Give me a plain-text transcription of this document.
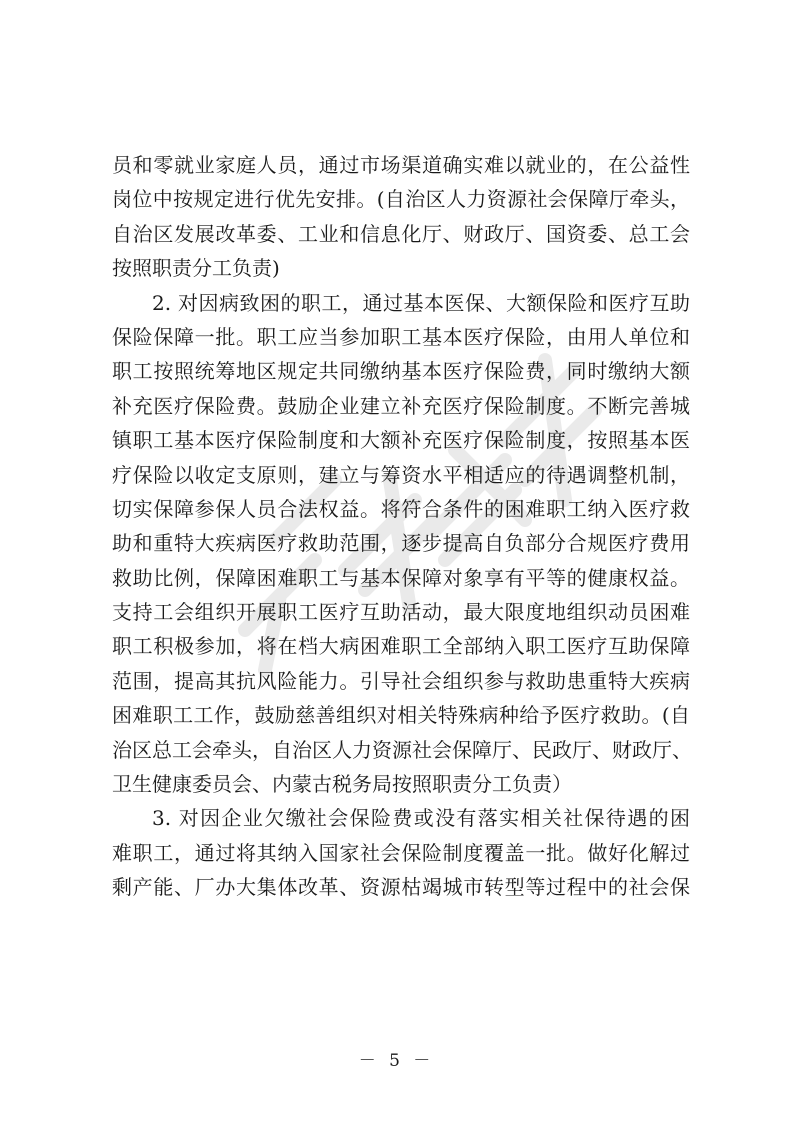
员和零就业家庭人员，通过市场渠道确实难以就业的，在公益性
岗位中按规定进行优先安排。(自治区人力资源社会保障厅牵头，
自治区发展改革委、工业和信息化厅、财政厅、国资委、总工会
按照职责分工负责)
2. 对因病致困的职工，通过基本医保、大额保险和医疗互助
保险保障一批。职工应当参加职工基本医疗保险，由用人单位和
职工按照统筹地区规定共同缴纳基本医疗保险费，同时缴纳大额
补充医疗保险费。鼓励企业建立补充医疗保险制度。不断完善城
镇职工基本医疗保险制度和大额补充医疗保险制度，按照基本医
疗保险以收定支原则，建立与筹资水平相适应的待遇调整机制，
切实保障参保人员合法权益。将符合条件的困难职工纳入医疗救
助和重特大疾病医疗救助范围，逐步提高自负部分合规医疗费用
救助比例，保障困难职工与基本保障对象享有平等的健康权益。
支持工会组织开展职工医疗互助活动，最大限度地组织动员困难
职工积极参加，将在档大病困难职工全部纳入职工医疗互助保障
范围，提高其抗风险能力。引导社会组织参与救助患重特大疾病
困难职工工作，鼓励慈善组织对相关特殊病种给予医疗救助。(自
治区总工会牵头，自治区人力资源社会保障厅、民政厅、财政厅、
卫生健康委员会、内蒙古税务局按照职责分工负责）
3. 对因企业欠缴社会保险费或没有落实相关社保待遇的困
难职工，通过将其纳入国家社会保险制度覆盖一批。做好化解过
剩产能、厂办大集体改革、资源枯竭城市转型等过程中的社会保
－ 5 －
